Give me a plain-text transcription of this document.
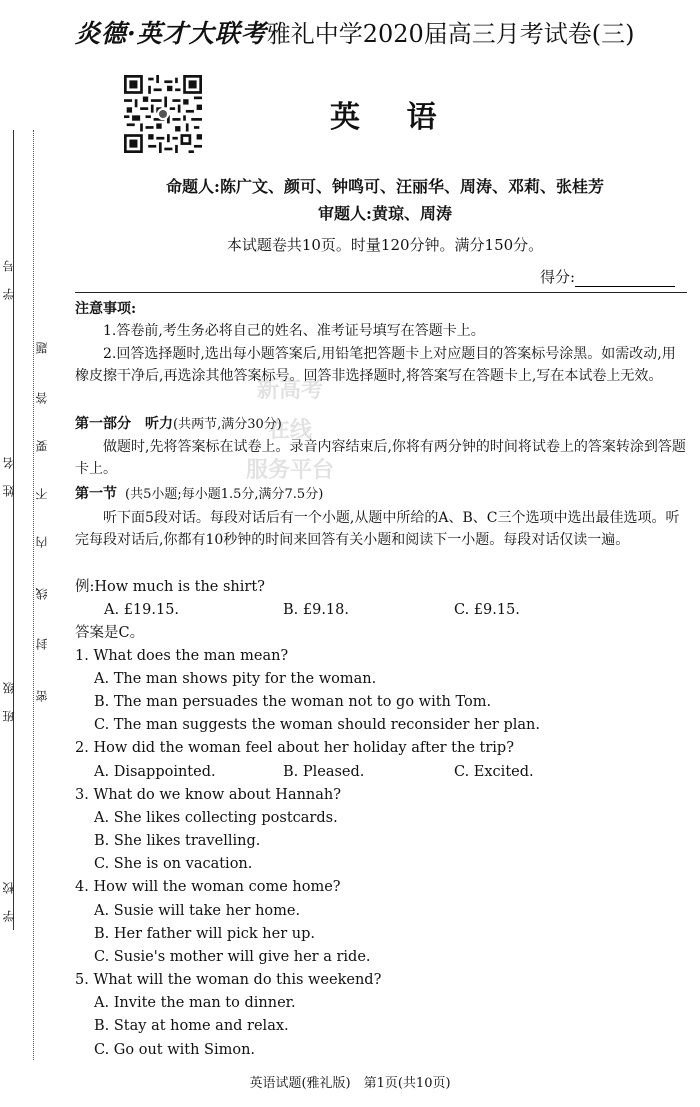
学　号
姓　名
班　级
学　校
题
答
要
不
内
线
封
密
炎德·英才大联考雅礼中学2020届高三月考试卷(三)
英 语
命题人:陈广文、颜可、钟鸣可、汪丽华、周涛、邓莉、张桂芳
审题人:黄琼、周涛
本试题卷共10页。时量120分钟。满分150分。
得分:
注意事项:
1.答卷前,考生务必将自己的姓名、准考证号填写在答题卡上。
2.回答选择题时,选出每小题答案后,用铅笔把答题卡上对应题目的答案标号涂黑。如需改动,用橡皮擦干净后,再选涂其他答案标号。回答非选择题时,将答案写在答题卡上,写在本试卷上无效。
第一部分　听力(共两节,满分30分)
做题时,先将答案标在试卷上。录音内容结束后,你将有两分钟的时间将试卷上的答案转涂到答题卡上。
第一节 (共5小题;每小题1.5分,满分7.5分)
听下面5段对话。每段对话后有一个小题,从题中所给的A、B、C三个选项中选出最佳选项。听完每段对话后,你都有10秒钟的时间来回答有关小题和阅读下一小题。每段对话仅读一遍。
例:How much is the shirt?
A. £19.15.	B. £9.18.	C. £9.15.
答案是C。
1. What does the man mean?
A. The man shows pity for the woman.
B. The man persuades the woman not to go with Tom.
C. The man suggests the woman should reconsider her plan.
2. How did the woman feel about her holiday after the trip?
A. Disappointed.	B. Pleased.	C. Excited.
3. What do we know about Hannah?
A. She likes collecting postcards.
B. She likes travelling.
C. She is on vacation.
4. How will the woman come home?
A. Susie will take her home.
B. Her father will pick her up.
C. Susie's mother will give her a ride.
5. What will the woman do this weekend?
A. Invite the man to dinner.
B. Stay at home and relax.
C. Go out with Simon.
新高考
在线
服务平台
英语试题(雅礼版)　第1页(共10页)
